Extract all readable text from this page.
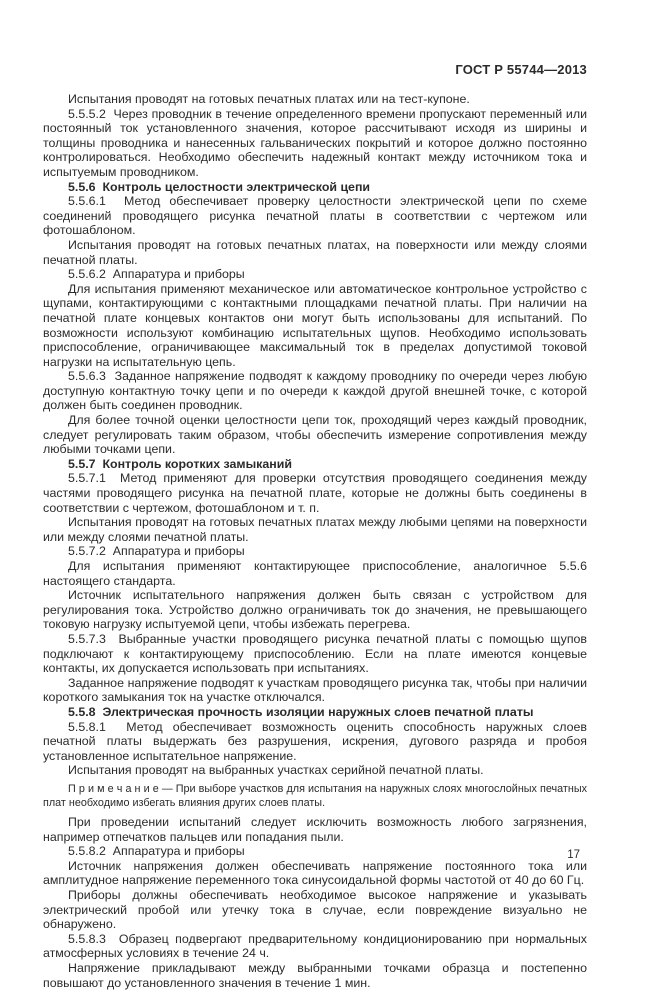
ГОСТ Р 55744—2013

Испытания проводят на готовых печатных платах или на тест-купоне.

5.5.5.2  Через проводник в течение определенного времени пропускают переменный или постоянный ток установленного значения, которое рассчитывают исходя из ширины и толщины проводника и нанесенных гальванических покрытий и которое должно постоянно контролироваться. Необходимо обеспечить надежный контакт между источником тока и испытуемым проводником.

5.5.6  Контроль целостности электрической цепи

5.5.6.1  Метод обеспечивает проверку целостности электрической цепи по схеме соединений проводящего рисунка печатной платы в соответствии с чертежом или фотошаблоном.

Испытания проводят на готовых печатных платах, на поверхности или между слоями печатной платы.

5.5.6.2  Аппаратура и приборы

Для испытания применяют механическое или автоматическое контрольное устройство с щупами, контактирующими с контактными площадками печатной платы. При наличии на печатной плате концевых контактов они могут быть использованы для испытаний. По возможности используют комбинацию испытательных щупов. Необходимо использовать приспособление, ограничивающее максимальный ток в пределах допустимой токовой нагрузки на испытательную цепь.

5.5.6.3  Заданное напряжение подводят к каждому проводнику по очереди через любую доступную контактную точку цепи и по очереди к каждой другой внешней точке, с которой должен быть соединен проводник.

Для более точной оценки целостности цепи ток, проходящий через каждый проводник, следует регулировать таким образом, чтобы обеспечить измерение сопротивления между любыми точками цепи.

5.5.7  Контроль коротких замыканий

5.5.7.1  Метод применяют для проверки отсутствия проводящего соединения между частями проводящего рисунка на печатной плате, которые не должны быть соединены в соответствии с чертежом, фотошаблоном и т. п.

Испытания проводят на готовых печатных платах между любыми цепями на поверхности или между слоями печатной платы.

5.5.7.2  Аппаратура и приборы

Для испытания применяют контактирующее приспособление, аналогичное 5.5.6 настоящего стандарта.

Источник испытательного напряжения должен быть связан с устройством для регулирования тока. Устройство должно ограничивать ток до значения, не превышающего токовую нагрузку испытуемой цепи, чтобы избежать перегрева.

5.5.7.3  Выбранные участки проводящего рисунка печатной платы с помощью щупов подключают к контактирующему приспособлению. Если на плате имеются концевые контакты, их допускается использовать при испытаниях.

Заданное напряжение подводят к участкам проводящего рисунка так, чтобы при наличии короткого замыкания ток на участке отключался.

5.5.8  Электрическая прочность изоляции наружных слоев печатной платы

5.5.8.1  Метод обеспечивает возможность оценить способность наружных слоев печатной платы выдержать без разрушения, искрения, дугового разряда и пробоя установленное испытательное напряжение.

Испытания проводят на выбранных участках серийной печатной платы.

П р и м е ч а н и е — При выборе участков для испытания на наружных слоях многослойных печатных плат необходимо избегать влияния других слоев платы.

При проведении испытаний следует исключить возможность любого загрязнения, например отпечатков пальцев или попадания пыли.

5.5.8.2  Аппаратура и приборы

Источник напряжения должен обеспечивать напряжение постоянного тока или амплитудное напряжение переменного тока синусоидальной формы частотой от 40 до 60 Гц.

Приборы должны обеспечивать необходимое высокое напряжение и указывать электрический пробой или утечку тока в случае, если повреждение визуально не обнаружено.

5.5.8.3  Образец подвергают предварительному кондиционированию при нормальных атмосферных условиях в течение 24 ч.

Напряжение прикладывают между выбранными точками образца и постепенно повышают до установленного значения в течение 1 мин.

17
